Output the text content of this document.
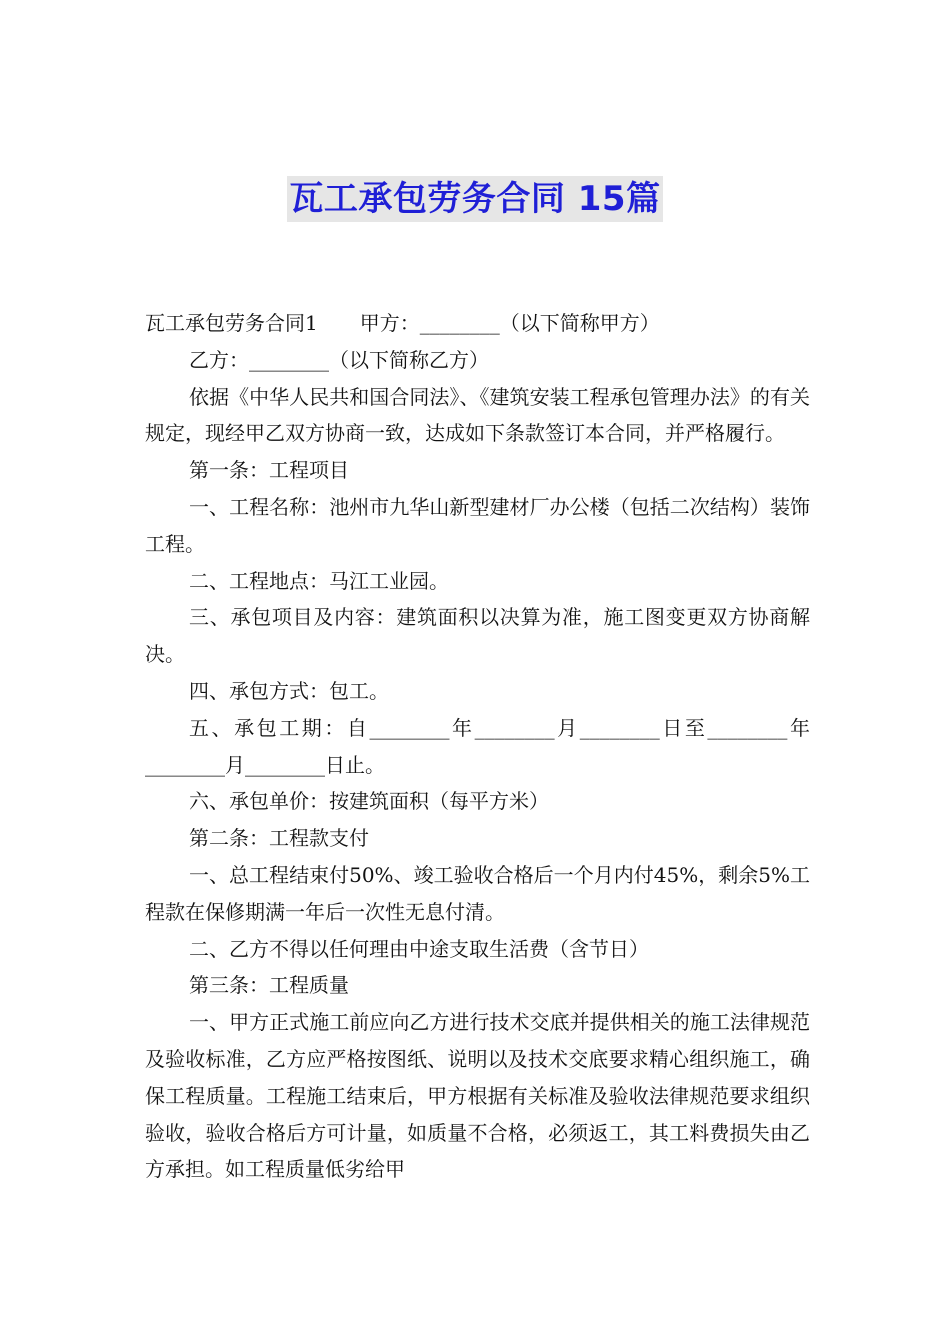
瓦工承包劳务合同 15篇

瓦工承包劳务合同1 甲方：________（以下简称甲方）

乙方：________（以下简称乙方）

依据《中华人民共和国合同法》、《建筑安装工程承包管理办法》的有关规定，现经甲乙双方协商一致，达成如下条款签订本合同，并严格履行。

第一条：工程项目

一、工程名称：池州市九华山新型建材厂办公楼（包括二次结构）装饰工程。

二、工程地点：马江工业园。

三、承包项目及内容：建筑面积以决算为准，施工图变更双方协商解决。

四、承包方式：包工。

五、承包工期：自________年________月________日至________年________月________日止。

六、承包单价：按建筑面积（每平方米）

第二条：工程款支付

一、总工程结束付50%、竣工验收合格后一个月内付45%，剩余5%工程款在保修期满一年后一次性无息付清。

二、乙方不得以任何理由中途支取生活费（含节日）

第三条：工程质量

一、甲方正式施工前应向乙方进行技术交底并提供相关的施工法律规范及验收标准，乙方应严格按图纸、说明以及技术交底要求精心组织施工，确保工程质量。工程施工结束后，甲方根据有关标准及验收法律规范要求组织验收，验收合格后方可计量，如质量不合格，必须返工，其工料费损失由乙方承担。如工程质量低劣给甲
